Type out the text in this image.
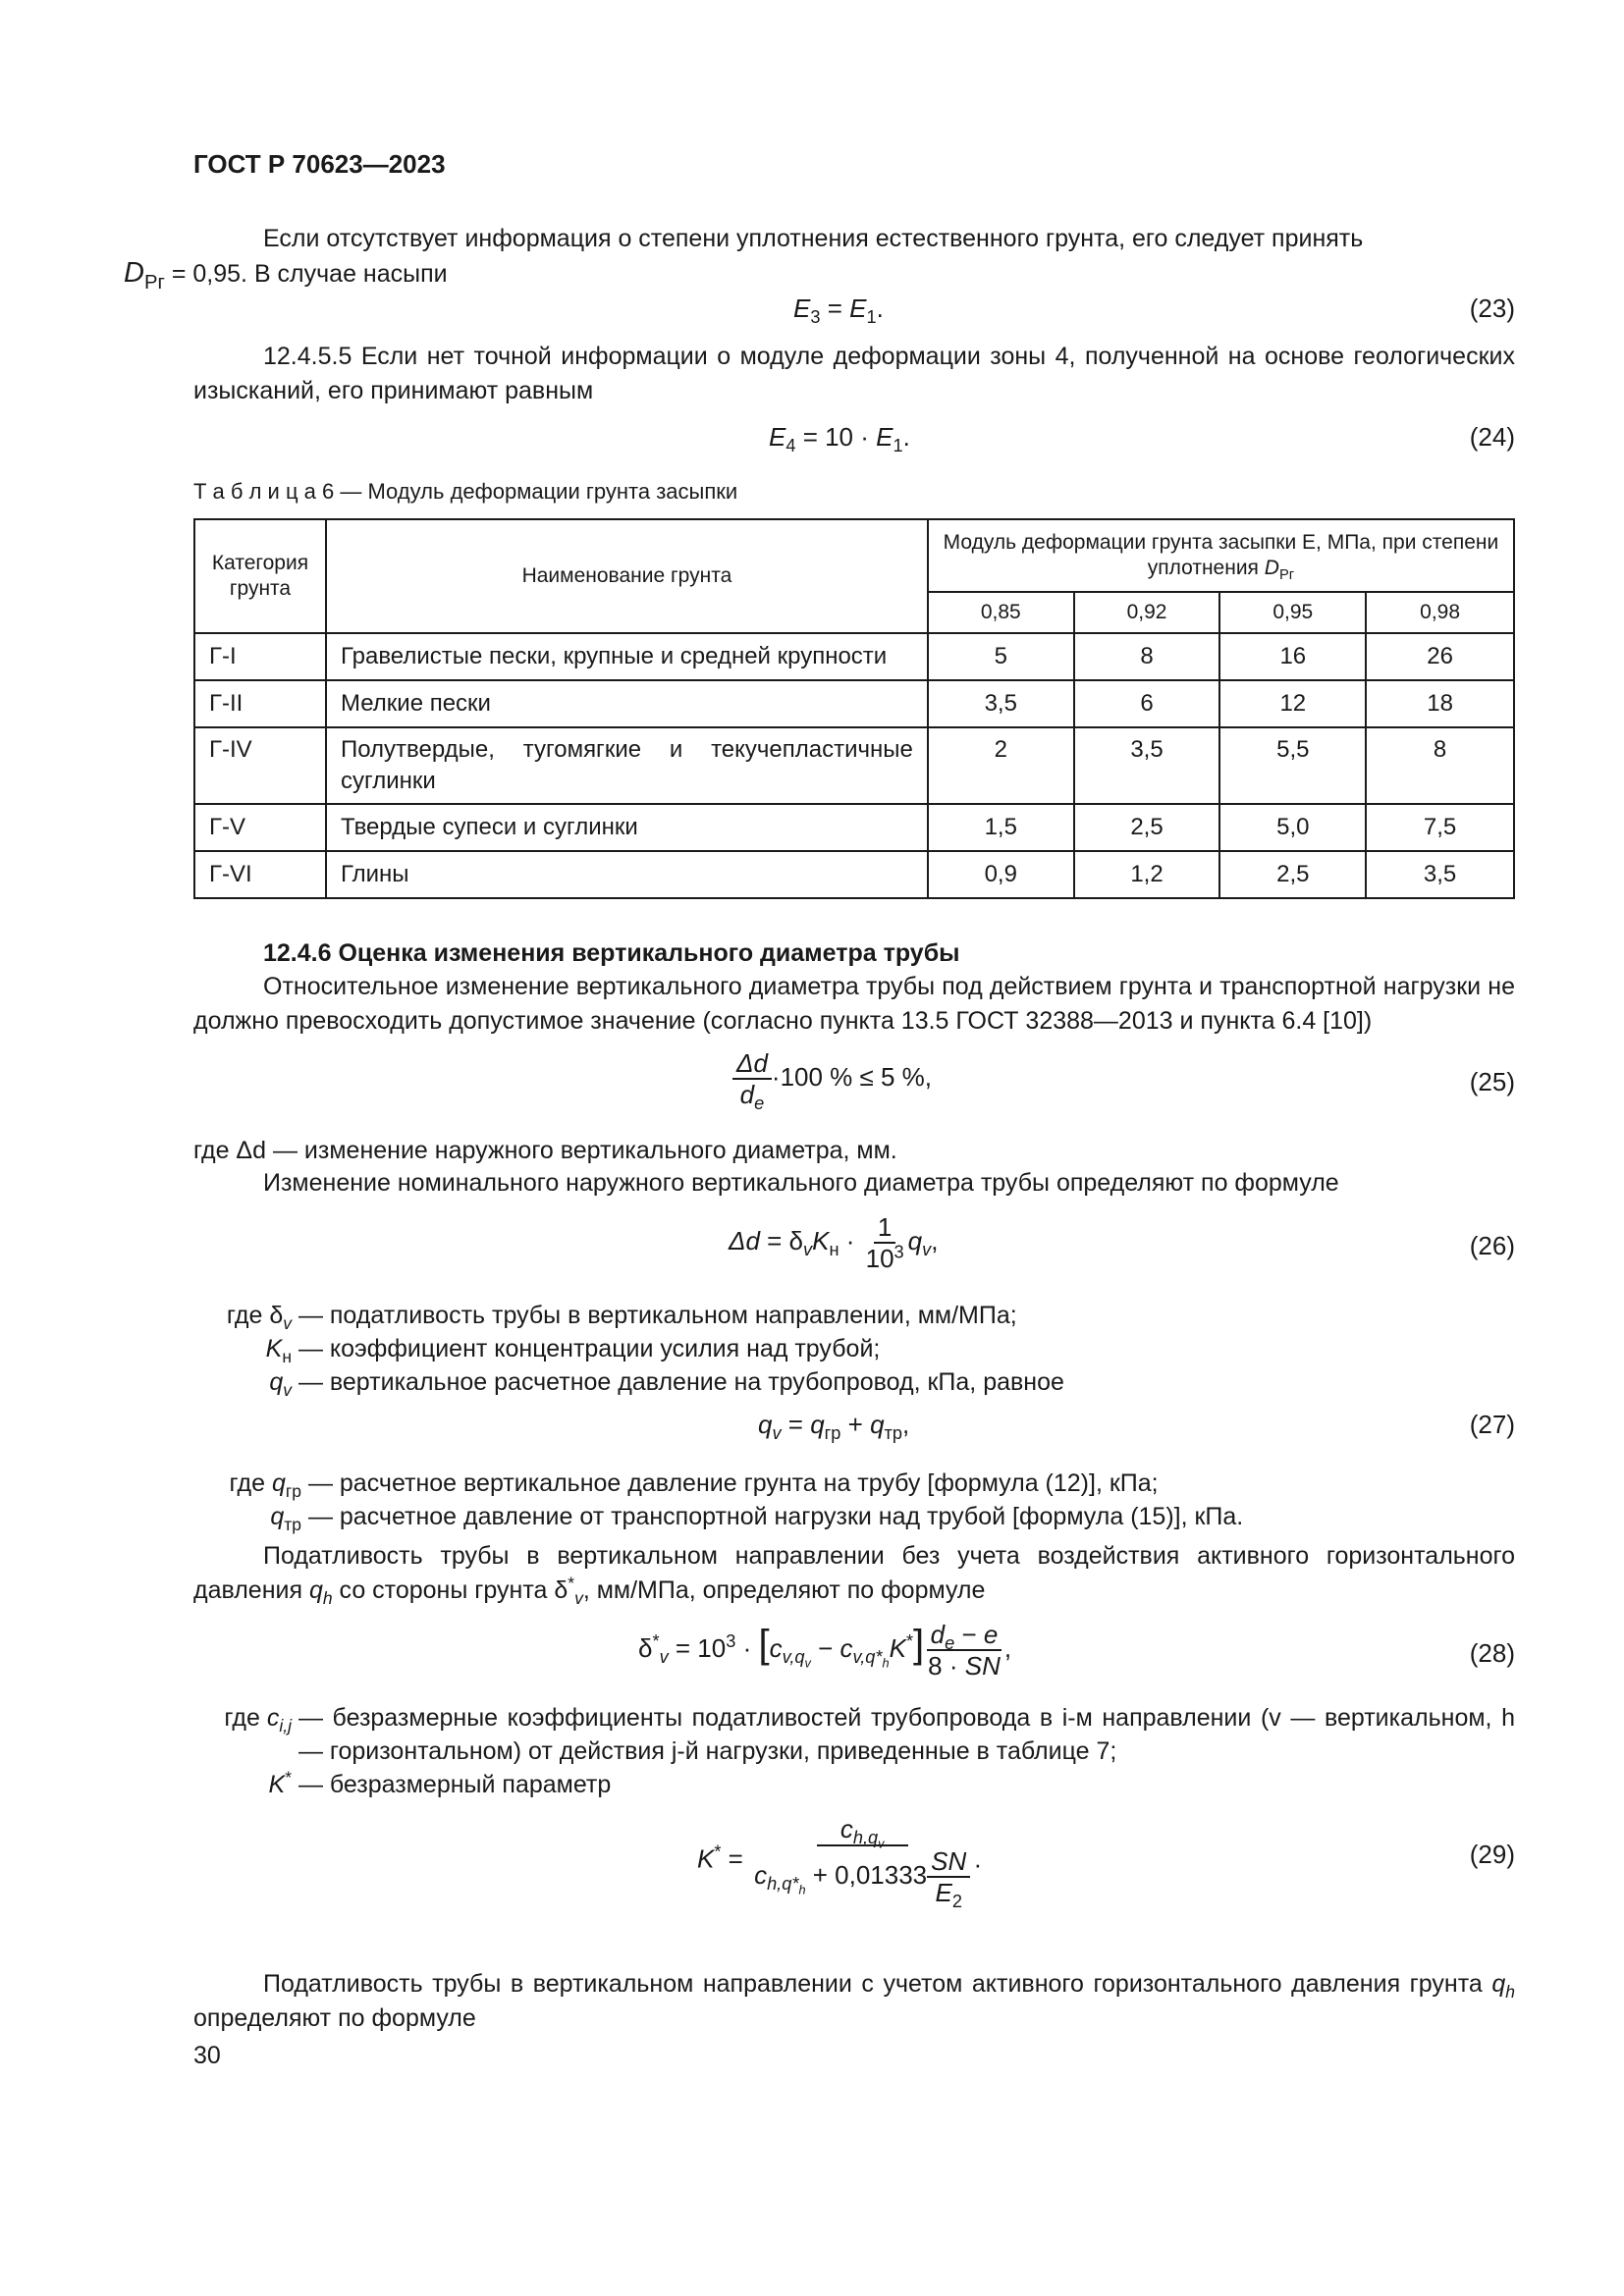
ГОСТ Р 70623—2023
Если отсутствует информация о степени уплотнения естественного грунта, его следует принять
$D_{Рг} = 0,95$. В случае насыпи
$E_3 = E_1$.	(23)
12.4.5.5 Если нет точной информации о модуле деформации зоны 4, полученной на основе геологических изысканий, его принимают равным
$E_4 = 10 \cdot E_1$.	(24)
Т а б л и ц а 6 — Модуль деформации грунта засыпки
Категория грунта	Наименование грунта	Модуль деформации грунта засыпки E, МПа, при степени уплотнения $D_{Рг}$
		0,85	0,92	0,95	0,98
Г-I	Гравелистые пески, крупные и средней крупности	5	8	16	26
Г-II	Мелкие пески	3,5	6	12	18
Г-IV	Полутвердые, тугомягкие и текучепластичные суглинки	2	3,5	5,5	8
Г-V	Твердые супеси и суглинки	1,5	2,5	5,0	7,5
Г-VI	Глины	0,9	1,2	2,5	3,5
12.4.6 Оценка изменения вертикального диаметра трубы
Относительное изменение вертикального диаметра трубы под действием грунта и транспортной нагрузки не должно превосходить допустимое значение (согласно пункта 13.5 ГОСТ 32388—2013 и пункта 6.4 [10])
$\frac{\Delta d}{d_e} \cdot 100$ % ≤ 5 %,	(25)
где Δd — изменение наружного вертикального диаметра, мм.
Изменение номинального наружного вертикального диаметра трубы определяют по формуле
$\Delta d = \delta_vK_н \cdot \frac{1}{10^3} q_v$,	(26)
где $\delta_v$ — податливость трубы в вертикальном направлении, мм/МПа;
$K_н$ — коэффициент концентрации усилия над трубой;
$q_v$ — вертикальное расчетное давление на трубопровод, кПа, равное
$q_v = q_{гр} + q_{тр}$,	(27)
где $q_{гр}$ — расчетное вертикальное давление грунта на трубу [формула (12)], кПа;
$q_{тр}$ — расчетное давление от транспортной нагрузки над трубой [формула (15)], кПа.
Податливость трубы в вертикальном направлении без учета воздействия активного горизонтального давления $q_h$ со стороны грунта $\delta^*_v$, мм/МПа, определяют по формуле
$\delta^*_v = 10^3 \cdot [c_{v,q_v} - c_{v,q*_h}K^*] \frac{d_e - e}{8 \cdot SN}$ ,	(28)
где $c_{i,j}$
— безразмерные коэффициенты податливостей трубопровода в i-м направлении (v — вертикальном, h — горизонтальном) от действия j-й нагрузки, приведенные в таблице 7;
K* — безразмерный параметр
$K^* = \frac{c_{h,q_v}}{c_{h,q*_h} + 0,01333 \frac{SN}{E_2}}$ .	(29)
Податливость трубы в вертикальном направлении с учетом активного горизонтального давления грунта $q_h$ определяют по формуле
30
